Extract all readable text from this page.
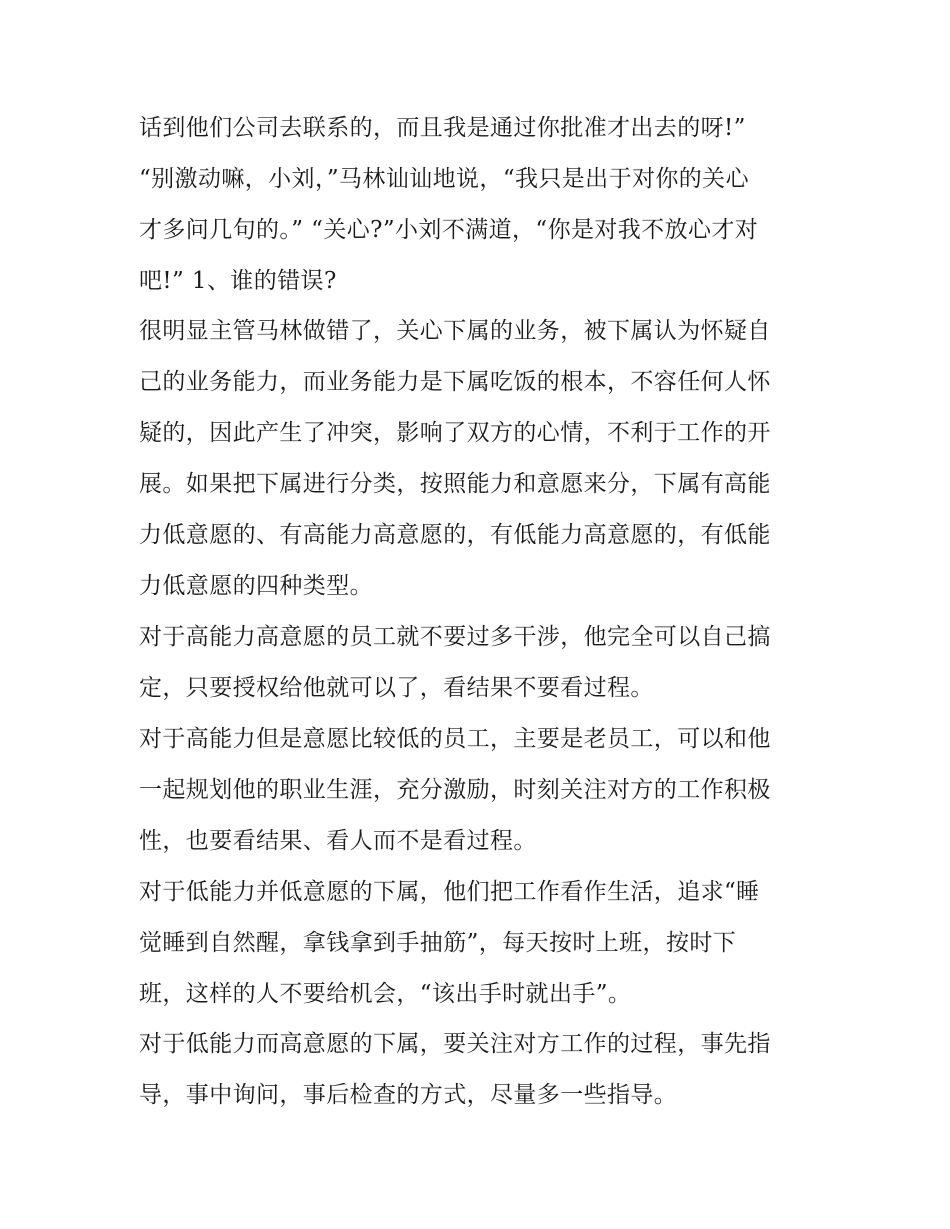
话到他们公司去联系的，而且我是通过你批准才出去的呀!”
“别激动嘛，小刘，”马林讪讪地说，“我只是出于对你的关心
才多问几句的。” “关心?”小刘不满道，“你是对我不放心才对
吧!” 1、谁的错误?
很明显主管马林做错了，关心下属的业务，被下属认为怀疑自
己的业务能力，而业务能力是下属吃饭的根本，不容任何人怀
疑的，因此产生了冲突，影响了双方的心情，不利于工作的开
展。如果把下属进行分类，按照能力和意愿来分，下属有高能
力低意愿的、有高能力高意愿的，有低能力高意愿的，有低能
力低意愿的四种类型。
对于高能力高意愿的员工就不要过多干涉，他完全可以自己搞
定，只要授权给他就可以了，看结果不要看过程。
对于高能力但是意愿比较低的员工，主要是老员工，可以和他
一起规划他的职业生涯，充分激励，时刻关注对方的工作积极
性，也要看结果、看人而不是看过程。
对于低能力并低意愿的下属，他们把工作看作生活，追求“睡
觉睡到自然醒，拿钱拿到手抽筋”，每天按时上班，按时下
班，这样的人不要给机会，“该出手时就出手”。
对于低能力而高意愿的下属，要关注对方工作的过程，事先指
导，事中询问，事后检查的方式，尽量多一些指导。
